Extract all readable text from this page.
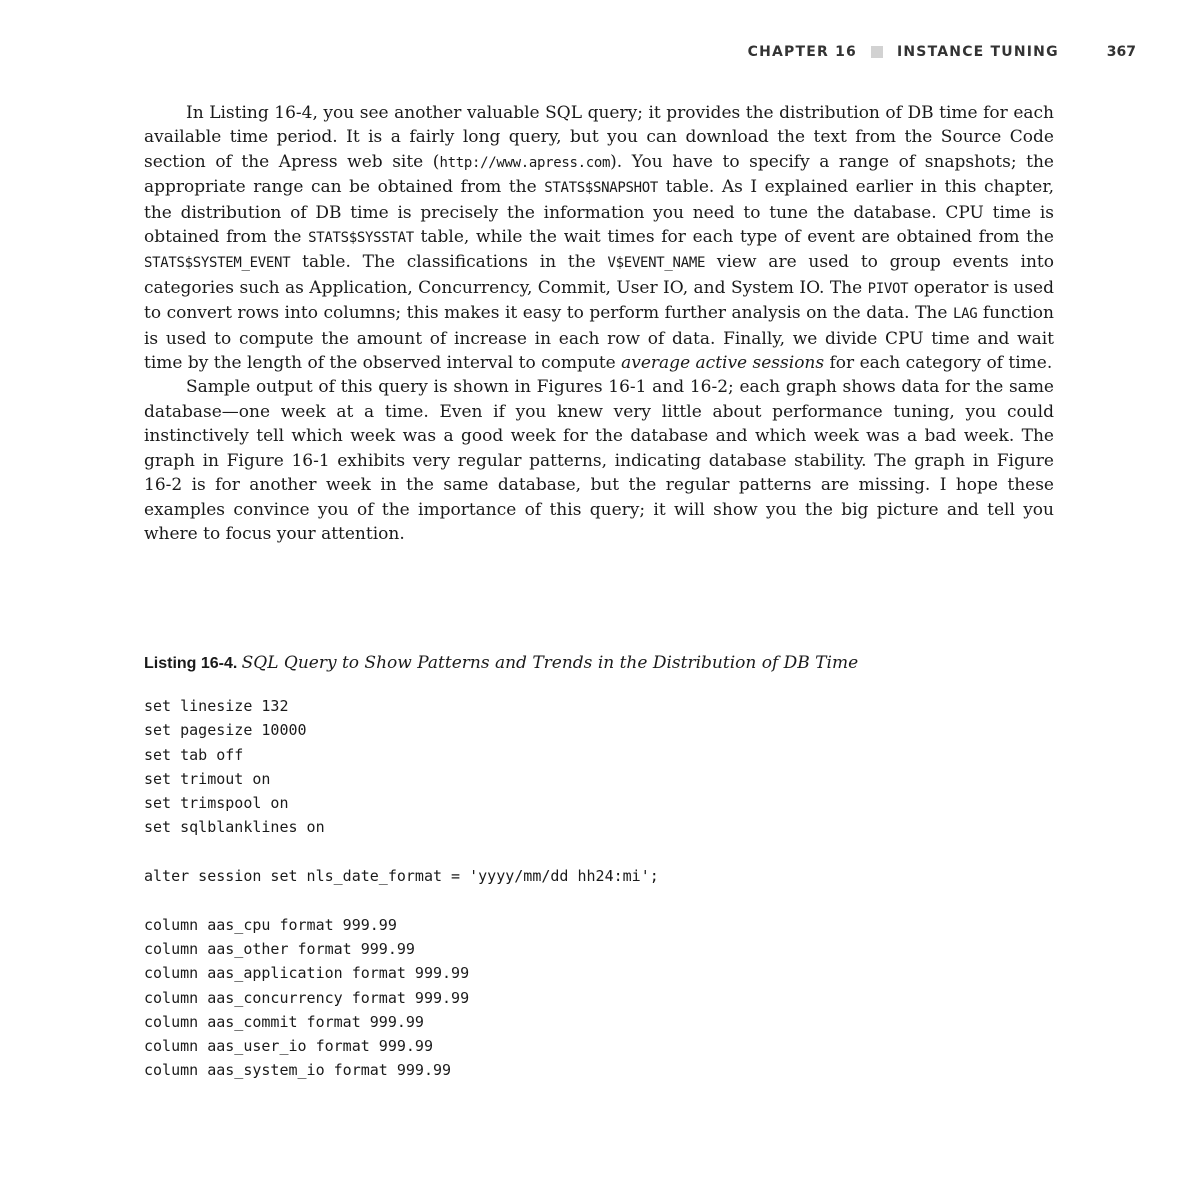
CHAPTER 16	INSTANCE TUNING	367

In Listing 16-4, you see another valuable SQL query; it provides the distribution of DB time for each available time period. It is a fairly long query, but you can download the text from the Source Code section of the Apress web site (http://www.apress.com). You have to specify a range of snapshots; the appropriate range can be obtained from the STATS$SNAPSHOT table. As I explained earlier in this chapter, the distribution of DB time is precisely the information you need to tune the database. CPU time is obtained from the STATS$SYSSTAT table, while the wait times for each type of event are obtained from the STATS$SYSTEM_EVENT table. The classifications in the V$EVENT_NAME view are used to group events into categories such as Application, Concurrency, Commit, User IO, and System IO. The PIVOT operator is used to convert rows into columns; this makes it easy to perform further analysis on the data. The LAG function is used to compute the amount of increase in each row of data. Finally, we divide CPU time and wait time by the length of the observed interval to compute average active sessions for each category of time.

Sample output of this query is shown in Figures 16-1 and 16-2; each graph shows data for the same database—one week at a time. Even if you knew very little about performance tuning, you could instinctively tell which week was a good week for the database and which week was a bad week. The graph in Figure 16-1 exhibits very regular patterns, indicating database stability. The graph in Figure 16-2 is for another week in the same database, but the regular patterns are missing. I hope these examples convince you of the importance of this query; it will show you the big picture and tell you where to focus your attention.

Listing 16-4. SQL Query to Show Patterns and Trends in the Distribution of DB Time
set linesize 132
set pagesize 10000
set tab off
set trimout on
set trimspool on
set sqlblanklines on
alter session set nls_date_format = 'yyyy/mm/dd hh24:mi';
column aas_cpu format 999.99
column aas_other format 999.99
column aas_application format 999.99
column aas_concurrency format 999.99
column aas_commit format 999.99
column aas_user_io format 999.99
column aas_system_io format 999.99
